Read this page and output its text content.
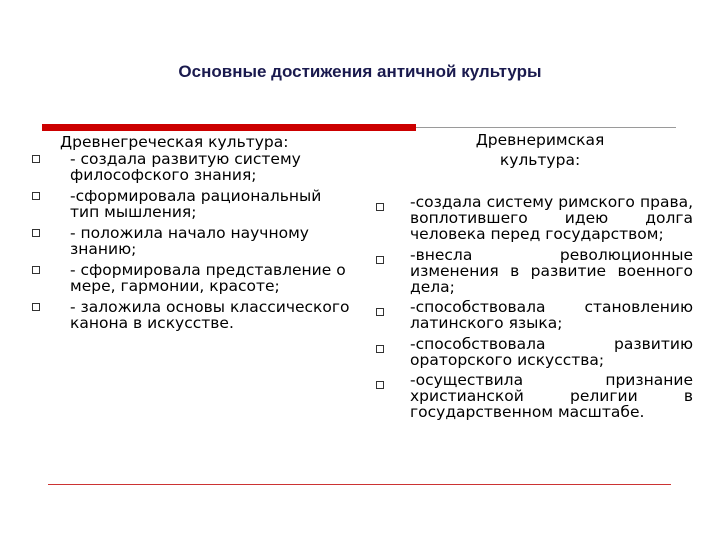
Основные достижения античной культуры
Древнегреческая культура:
- создала развитую систему философского знания;
-сформировала рациональный тип мышления;
- положила начало научному знанию;
- сформировала представление о мере, гармонии, красоте;
- заложила основы классического канона в искусстве.
Древнеримская
культура:
-создала систему римского права, воплотившего идею долга человека перед государством;
-внесла революционные изменения в развитие военного дела;
-способствовала становлению латинского языка;
-способствовала развитию ораторского искусства;
-осуществила признание христианской религии в государственном масштабе.
